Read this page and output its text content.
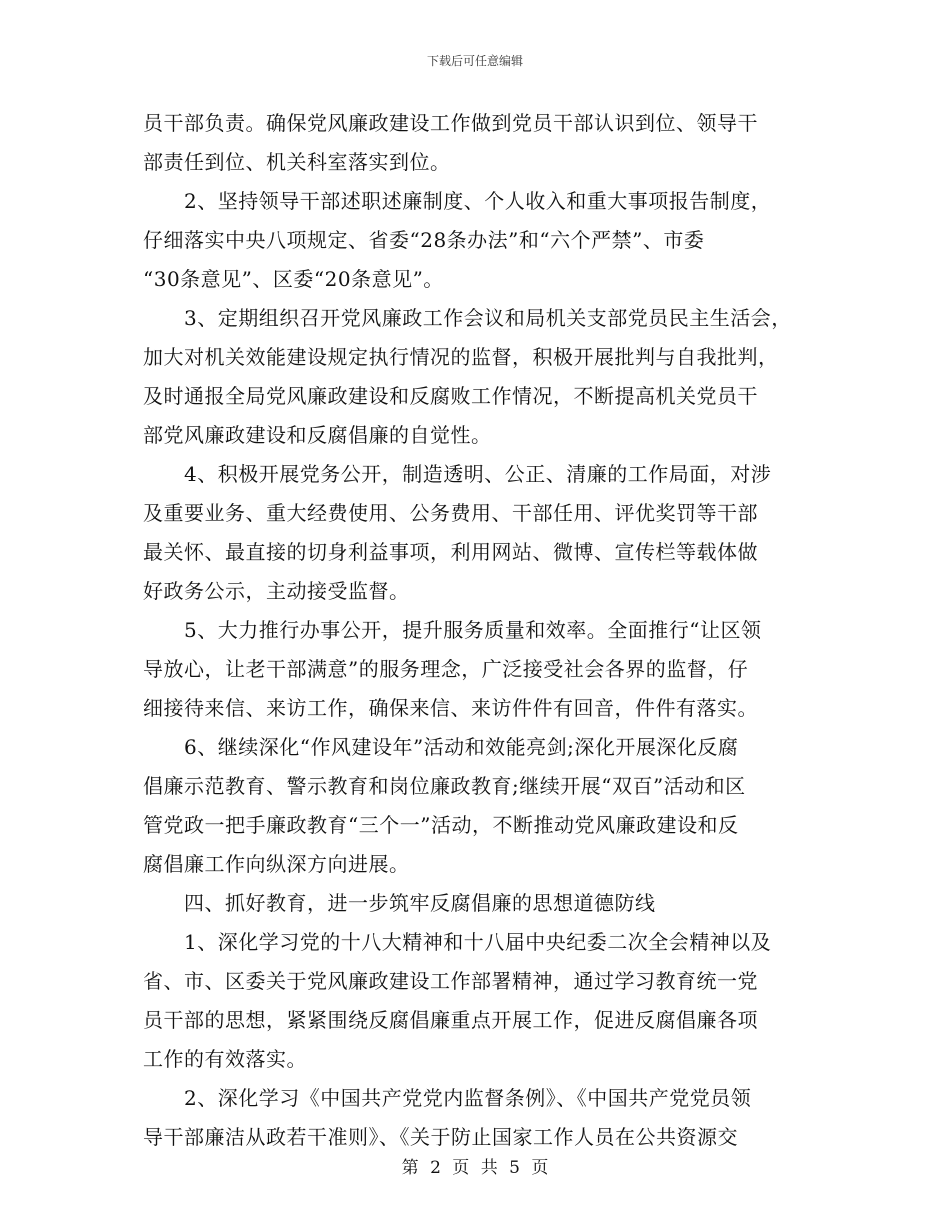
下载后可任意编辑
员干部负责。确保党风廉政建设工作做到党员干部认识到位、领导干
部责任到位、机关科室落实到位。
　　2、坚持领导干部述职述廉制度、个人收入和重大事项报告制度，
仔细落实中央八项规定、省委“28条办法”和“六个严禁”、市委
“30条意见”、区委“20条意见”。
　　3、定期组织召开党风廉政工作会议和局机关支部党员民主生活会，
加大对机关效能建设规定执行情况的监督，积极开展批判与自我批判，
及时通报全局党风廉政建设和反腐败工作情况，不断提高机关党员干
部党风廉政建设和反腐倡廉的自觉性。
　　4、积极开展党务公开，制造透明、公正、清廉的工作局面，对涉
及重要业务、重大经费使用、公务费用、干部任用、评优奖罚等干部
最关怀、最直接的切身利益事项，利用网站、微博、宣传栏等载体做
好政务公示，主动接受监督。
　　5、大力推行办事公开，提升服务质量和效率。全面推行“让区领
导放心，让老干部满意”的服务理念，广泛接受社会各界的监督，仔
细接待来信、来访工作，确保来信、来访件件有回音，件件有落实。
　　6、继续深化“作风建设年”活动和效能亮剑;深化开展深化反腐
倡廉示范教育、警示教育和岗位廉政教育;继续开展“双百”活动和区
管党政一把手廉政教育“三个一”活动，不断推动党风廉政建设和反
腐倡廉工作向纵深方向进展。
　　四、抓好教育，进一步筑牢反腐倡廉的思想道德防线
　　1、深化学习党的十八大精神和十八届中央纪委二次全会精神以及
省、市、区委关于党风廉政建设工作部署精神，通过学习教育统一党
员干部的思想，紧紧围绕反腐倡廉重点开展工作，促进反腐倡廉各项
工作的有效落实。
　　2、深化学习《中国共产党党内监督条例》、《中国共产党党员领
导干部廉洁从政若干准则》、《关于防止国家工作人员在公共资源交
第 2 页 共 5 页
